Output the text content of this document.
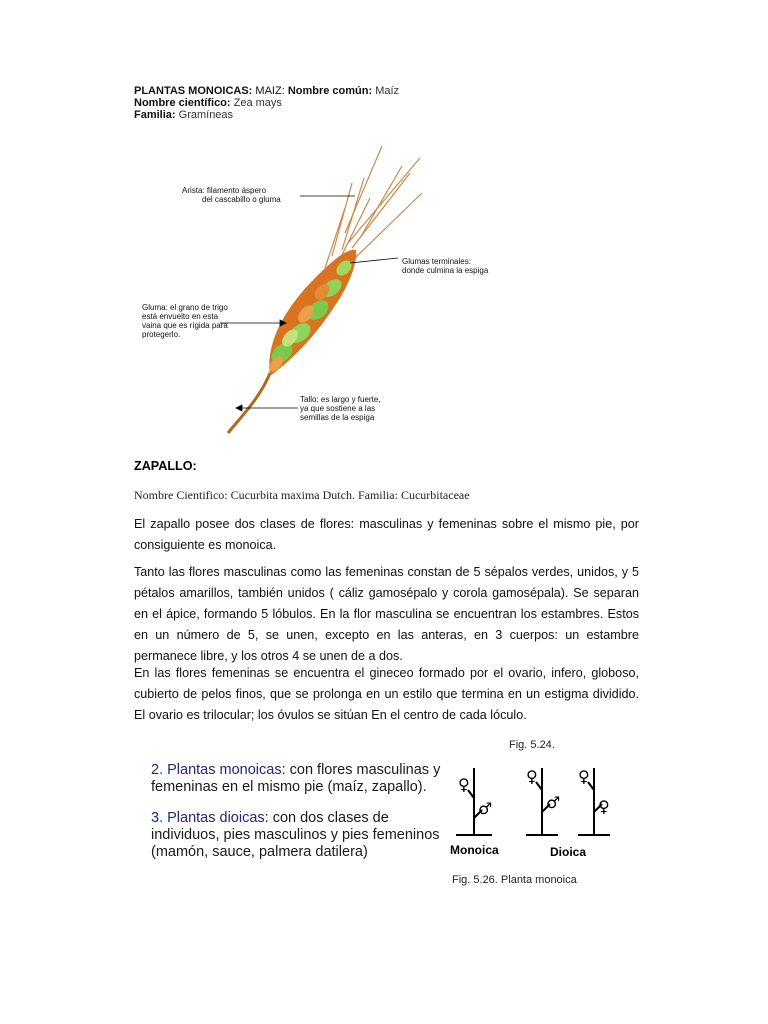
PLANTAS MONOICAS: MAIZ: Nombre común: Maíz
Nombre científico: Zea mays
Familia: Gramíneas
Arista: filamento áspero
del cascabillo o gluma
Glumas terminales:
donde culmina la espiga
Gluma: el grano de trigo
está envuelto en esta
vaina que es rígida para
protegerlo.
Tallo: es largo y fuerte,
ya que sostiene a las
semillas de la espiga
ZAPALLO:
Nombre Cientifico: Cucurbita maxima Dutch. Familia: Cucurbitaceae
El zapallo posee dos clases de flores: masculinas y femeninas sobre el mismo pie, por consiguiente es monoica.
Tanto las flores masculinas como las femeninas constan de 5 sépalos verdes, unidos, y 5 pétalos amarillos, también unidos ( cáliz gamosépalo y corola gamosépala). Se separan en el ápice, formando 5 lóbulos. En la flor masculina se encuentran los estambres. Estos en un número de 5, se unen, excepto en las anteras, en 3 cuerpos: un estambre permanece libre, y los otros 4 se unen de a dos.
En las flores femeninas se encuentra el gineceo formado por el ovario, infero, globoso, cubierto de pelos finos, que se prolonga en un estilo que termina en un estigma dividido. El ovario es trilocular; los óvulos se sitúan En el centro de cada lóculo.
Fig. 5.24.
2. Plantas monoicas: con flores masculinas y femeninas en el mismo pie (maíz, zapallo).
3. Plantas dioicas: con dos clases de individuos, pies masculinos y pies femeninos (mamón, sauce, palmera datilera)
♀
♂
♀
♂
♀
♀
Monoica	Dioica
Fig. 5.26. Planta monoica
